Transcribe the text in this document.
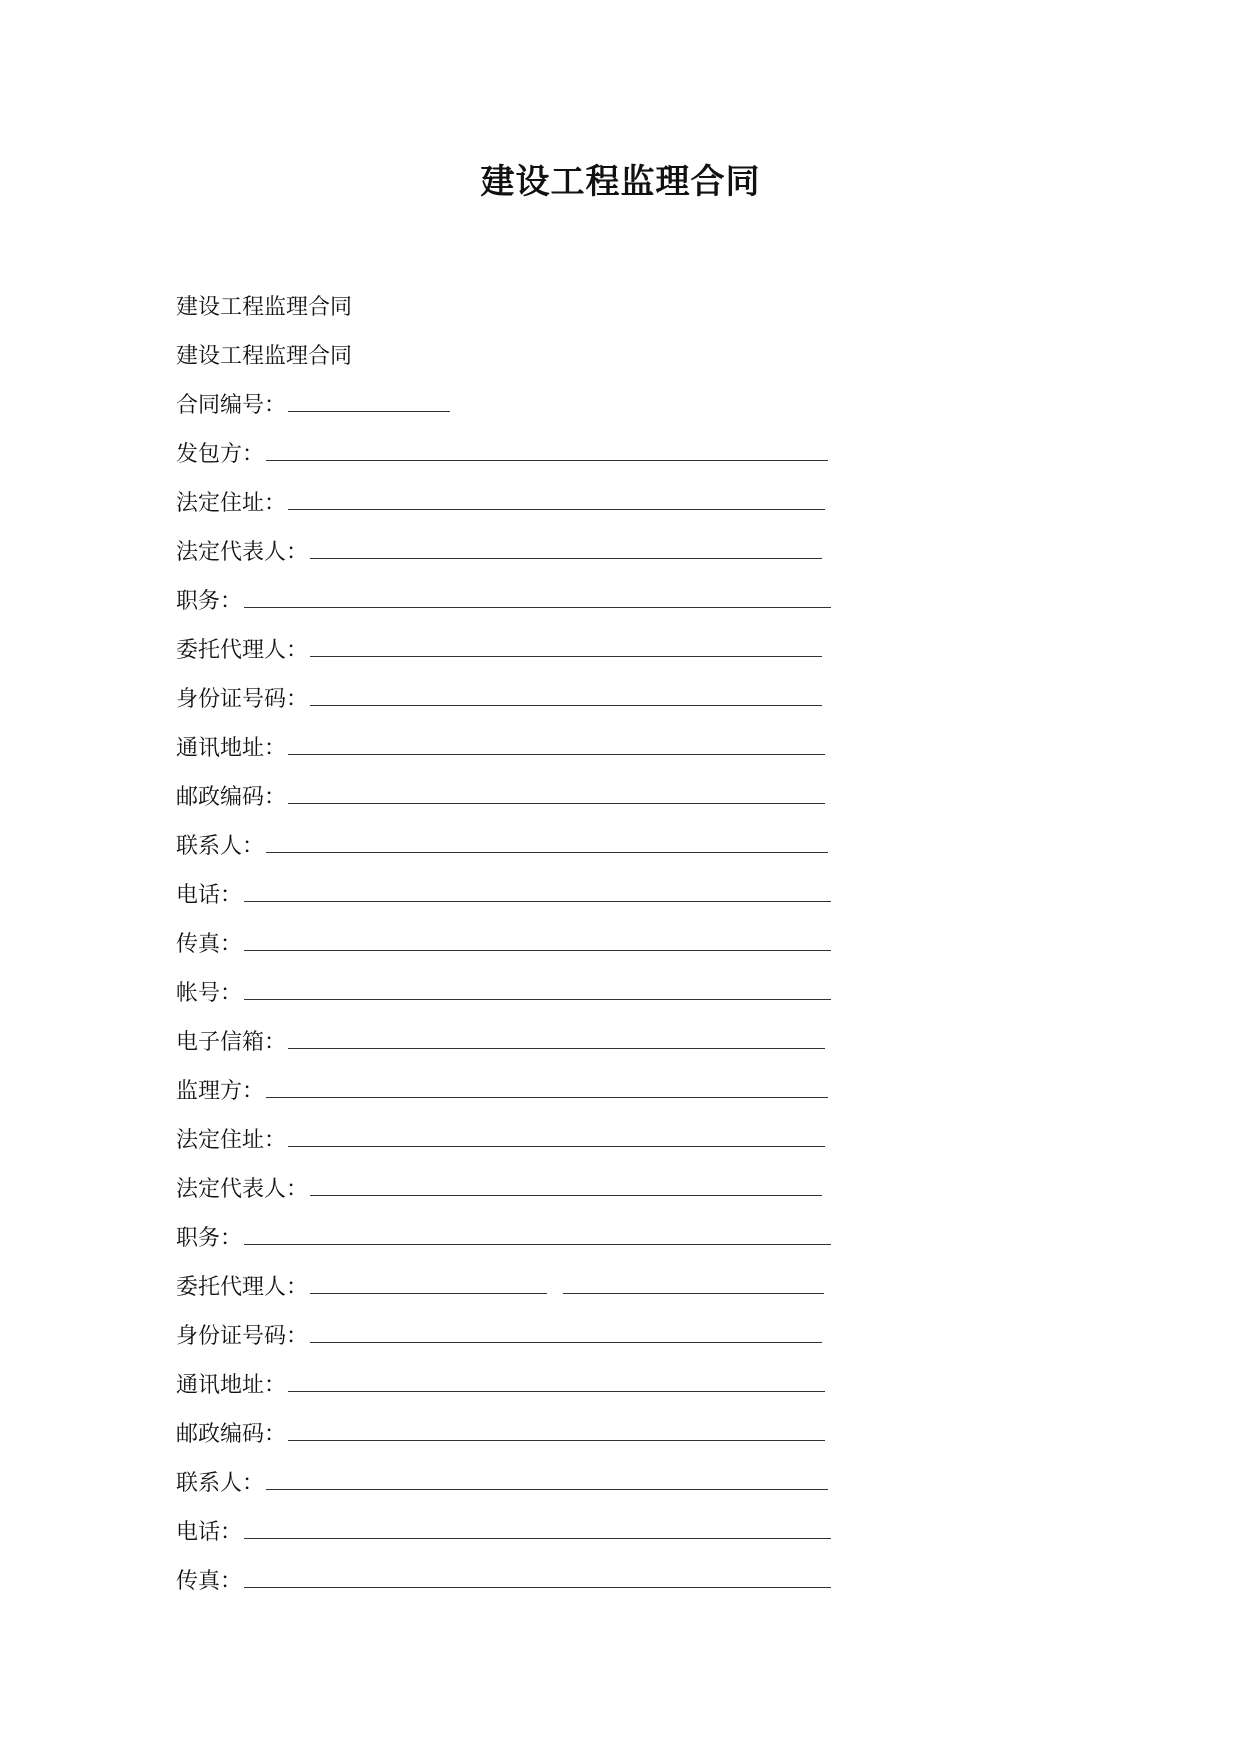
建设工程监理合同
建设工程监理合同
建设工程监理合同
合同编号：
发包方：
法定住址：
法定代表人：
职务：
委托代理人：
身份证号码：
通讯地址：
邮政编码：
联系人：
电话：
传真：
帐号：
电子信箱：
监理方：
法定住址：
法定代表人：
职务：
委托代理人：
身份证号码：
通讯地址：
邮政编码：
联系人：
电话：
传真：
